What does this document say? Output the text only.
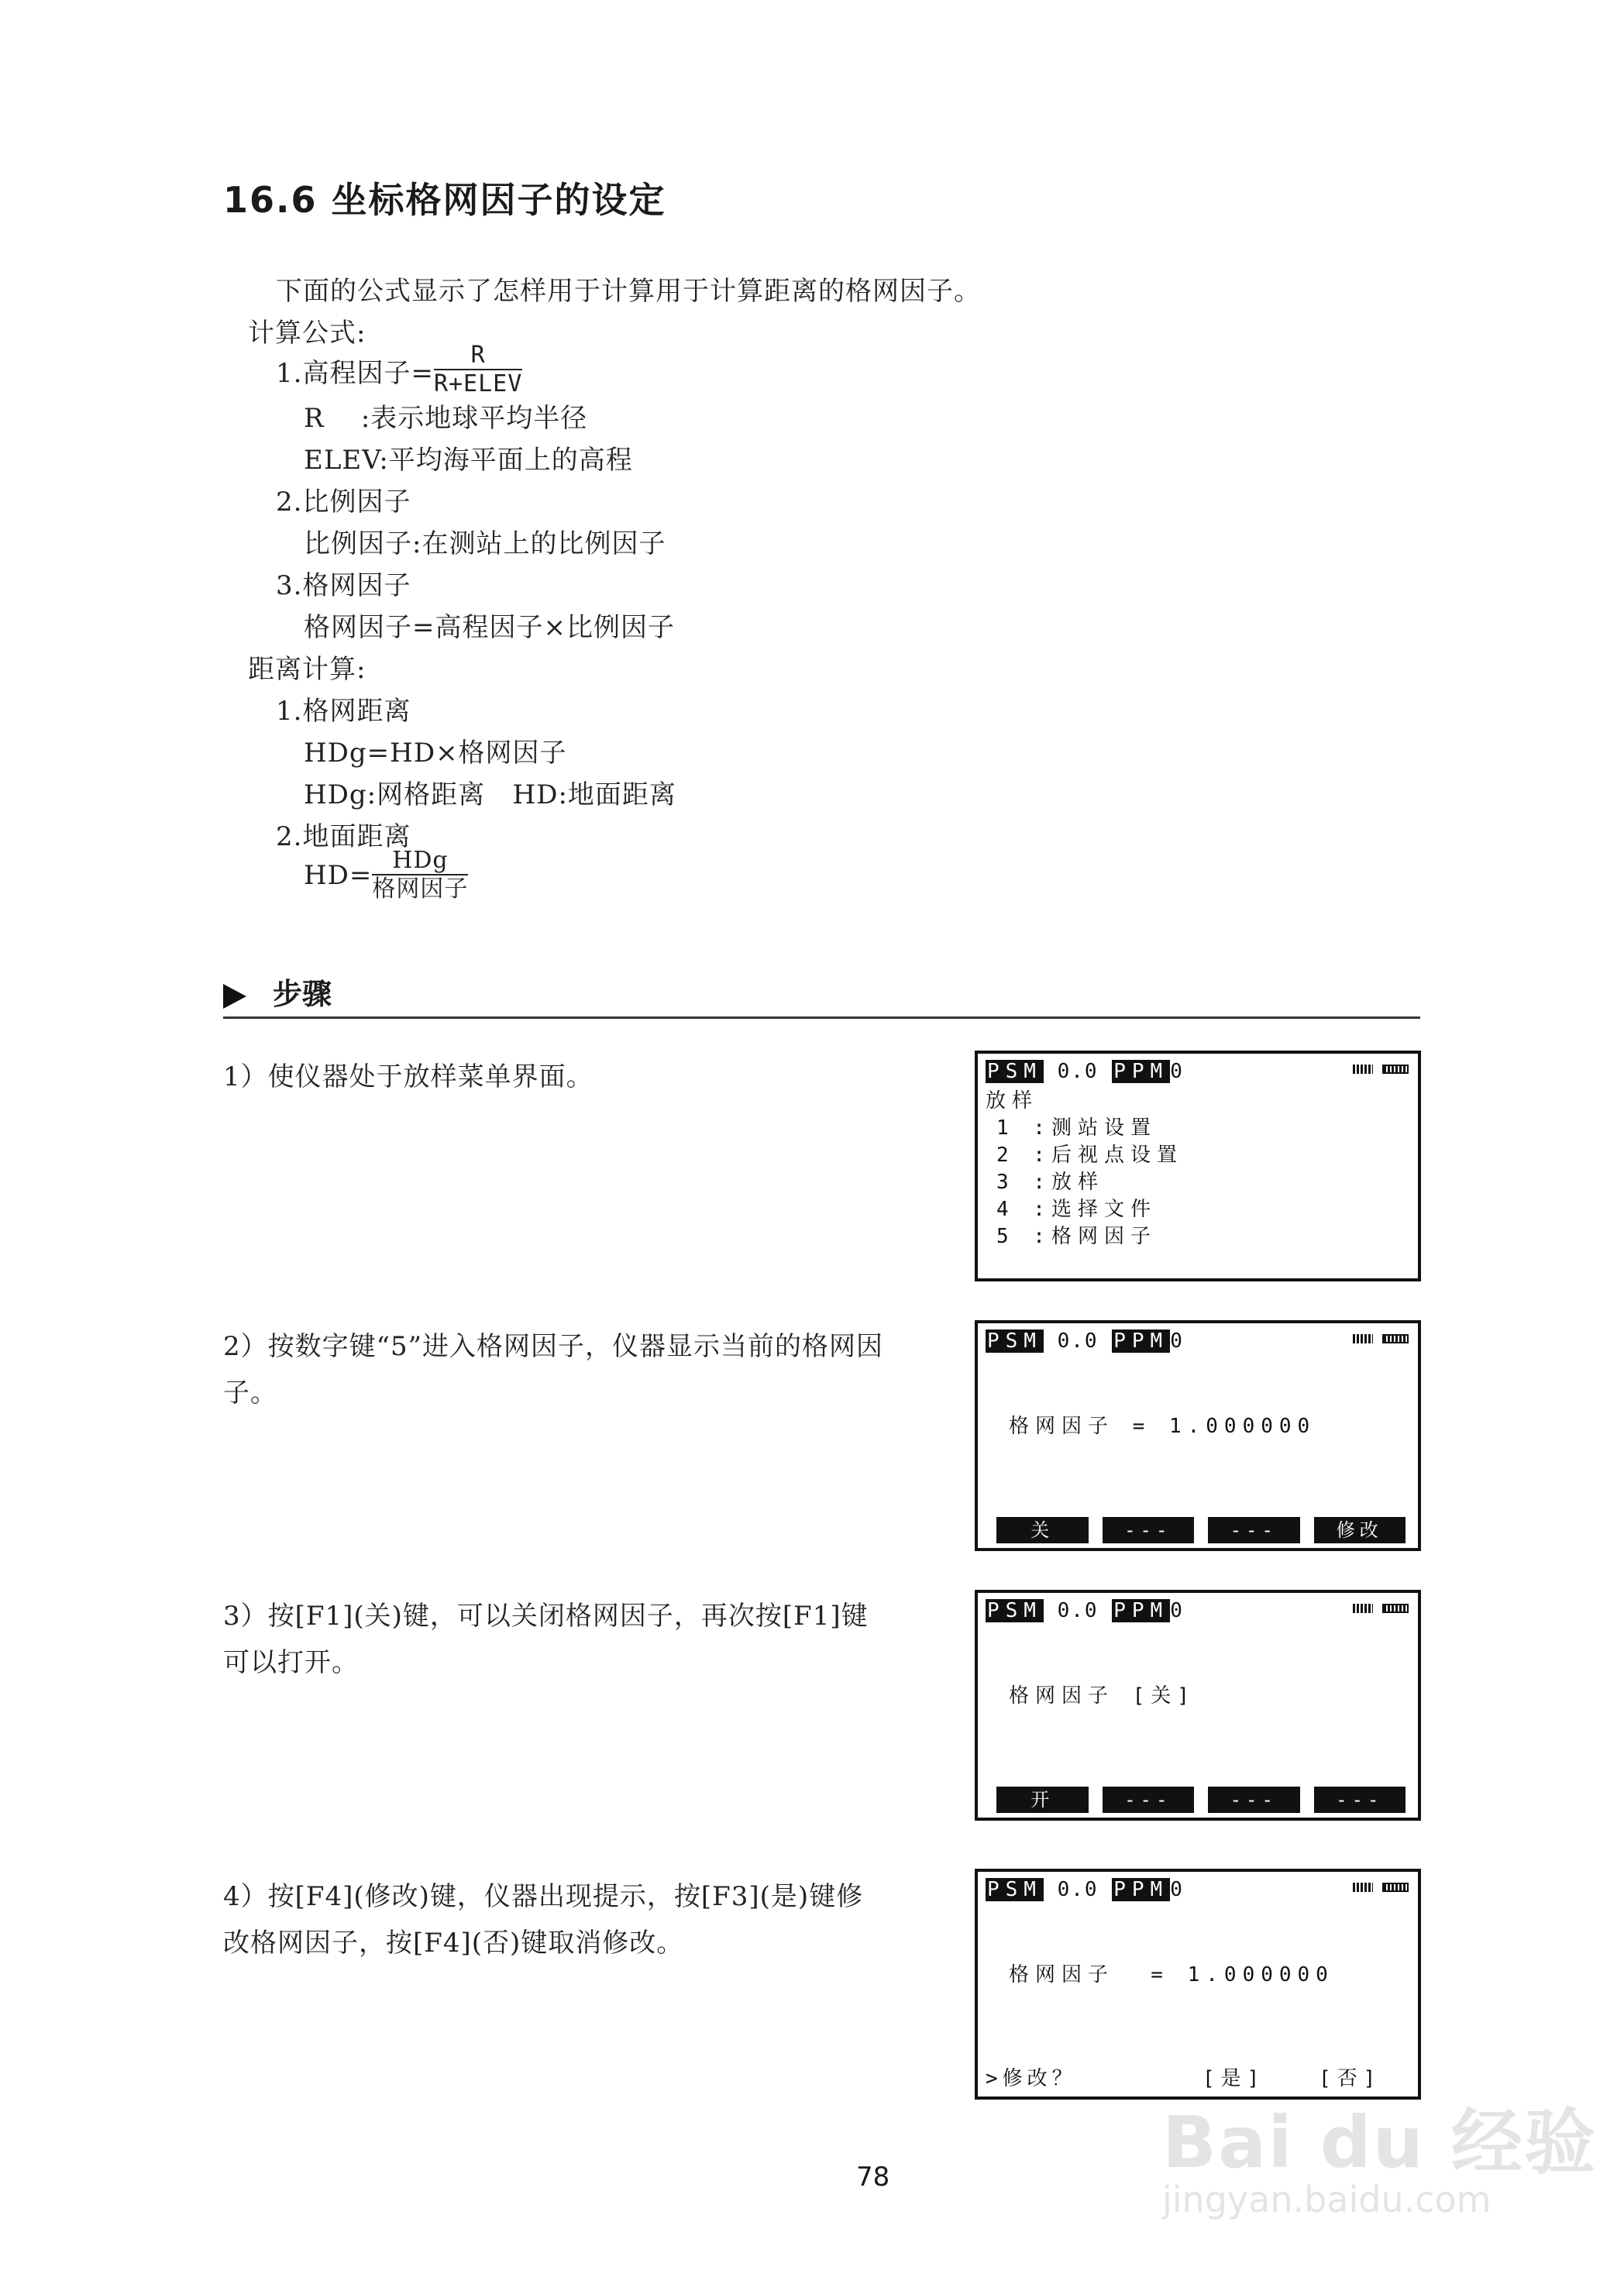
16.6 坐标格网因子的设定
下面的公式显示了怎样用于计算用于计算距离的格网因子。
计算公式:
1.高程因子= $\frac{R}{\text{R+ELEV}}$
R    :表示地球平均半径
ELEV:平均海平面上的高程
2.比例因子
比例因子:在测站上的比例因子
3.格网因子
格网因子=高程因子×比例因子
距离计算:
1.格网距离
HDg=HD×格网因子
HDg:网格距离   HD:地面距离
2.地面距离
$HD= \frac{\text{HDg}}{\text{格网因子}}$
步骤
1）使仪器处于放样菜单界面。
2）按数字键“5”进入格网因子，仪器显示当前的格网因子。
3）按[F1](关)键，可以关闭格网因子，再次按[F1]键可以打开。
4）按[F4](修改)键，仪器出现提示，按[F3](是)键修改格网因子，按[F4](否)键取消修改。
PSM 0.0 PPM0
放样
1 :测站设置
2 :后视点设置
3 :放样
4 :选择文件
5 :格网因子
PSM 0.0 PPM0
格网因子 = 1.000000
关	---	---	修改
PSM 0.0 PPM0
格网因子 [关]
开	---	---	---
PSM 0.0 PPM0
格网因子  = 1.000000
>修改？	[是]	[否]
78	Bai du 经验
jingyan.baidu.com
